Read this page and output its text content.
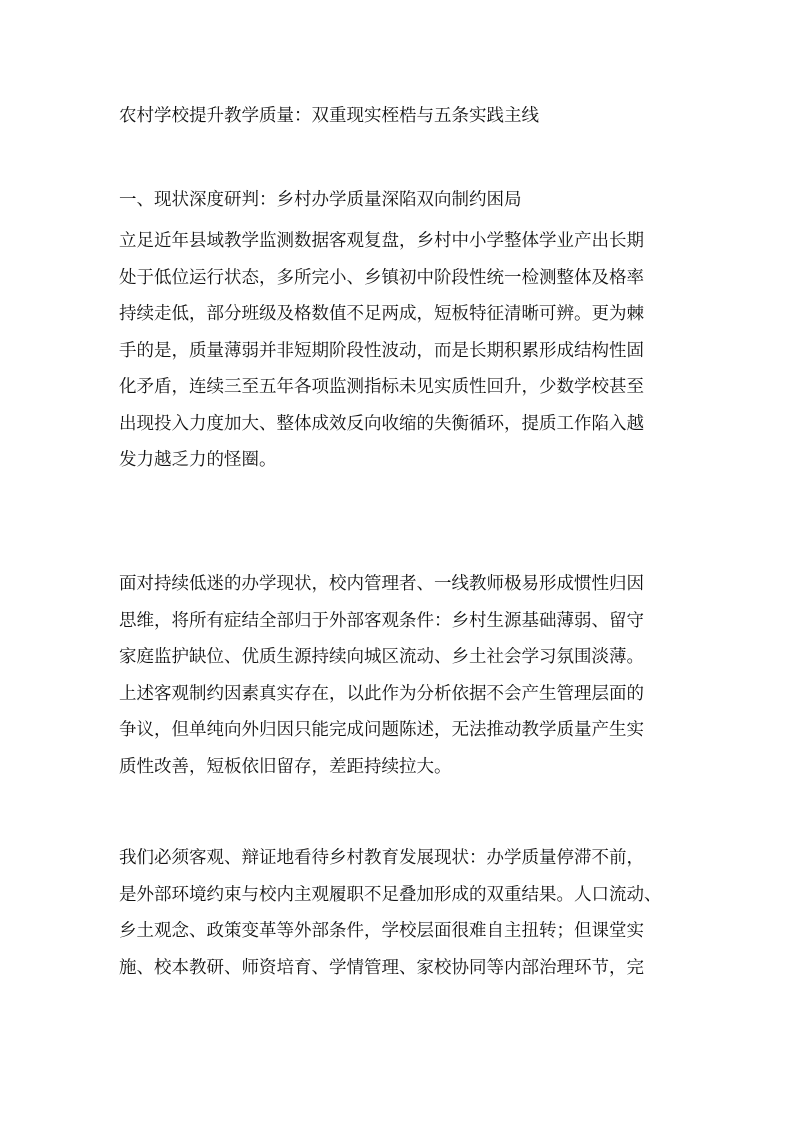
农村学校提升教学质量：双重现实桎梏与五条实践主线
一、现状深度研判：乡村办学质量深陷双向制约困局
立足近年县域教学监测数据客观复盘，乡村中小学整体学业产出长期
处于低位运行状态，多所完小、乡镇初中阶段性统一检测整体及格率
持续走低，部分班级及格数值不足两成，短板特征清晰可辨。更为棘
手的是，质量薄弱并非短期阶段性波动，而是长期积累形成结构性固
化矛盾，连续三至五年各项监测指标未见实质性回升，少数学校甚至
出现投入力度加大、整体成效反向收缩的失衡循环，提质工作陷入越
发力越乏力的怪圈。
面对持续低迷的办学现状，校内管理者、一线教师极易形成惯性归因
思维，将所有症结全部归于外部客观条件：乡村生源基础薄弱、留守
家庭监护缺位、优质生源持续向城区流动、乡土社会学习氛围淡薄。
上述客观制约因素真实存在，以此作为分析依据不会产生管理层面的
争议，但单纯向外归因只能完成问题陈述，无法推动教学质量产生实
质性改善，短板依旧留存，差距持续拉大。
我们必须客观、辩证地看待乡村教育发展现状：办学质量停滞不前，
是外部环境约束与校内主观履职不足叠加形成的双重结果。人口流动、
乡土观念、政策变革等外部条件，学校层面很难自主扭转；但课堂实
施、校本教研、师资培育、学情管理、家校协同等内部治理环节，完
